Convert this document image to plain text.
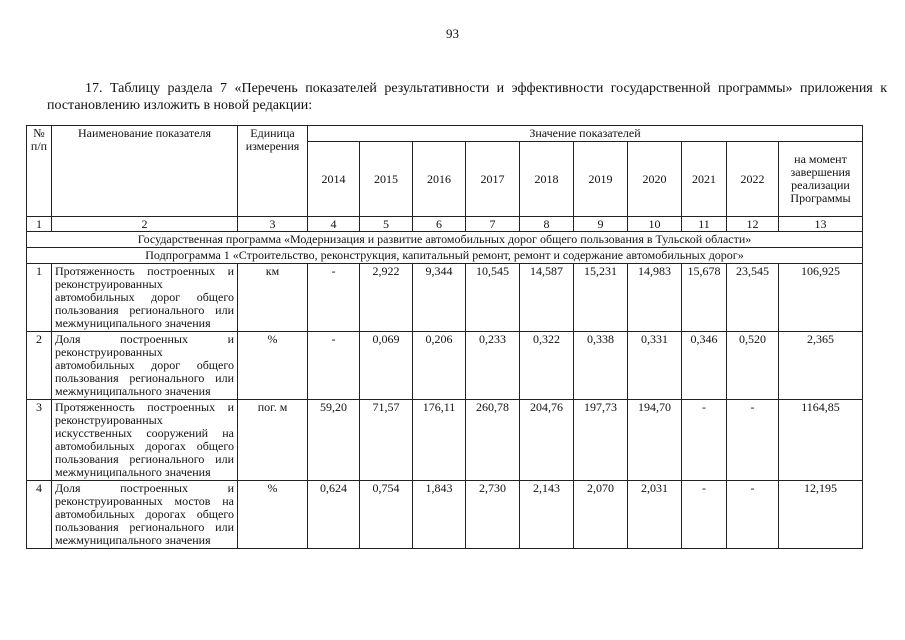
93
17. Таблицу раздела 7 «Перечень показателей результативности и эффективности государственной программы» приложения к постановлению изложить в новой редакции:
№ п/п	Наименование показателя	Единица измерения	Значение показателей									
			2014	2015	2016	2017	2018	2019	2020	2021	2022	на момент завершения реализации Программы
1	2	3	4	5	6	7	8	9	10	11	12	13
Государственная программа «Модернизация и развитие автомобильных дорог общего пользования в Тульской области»												
Подпрограмма 1 «Строительство, реконструкция, капитальный ремонт, ремонт и содержание автомобильных дорог»												
1	Протяженность построенных и реконструированных автомобильных дорог общего пользования регионального или межмуниципального значения	км	-	2,922	9,344	10,545	14,587	15,231	14,983	15,678	23,545	106,925
2	Доля построенных и реконструированных автомобильных дорог общего пользования регионального или межмуниципального значения	%	-	0,069	0,206	0,233	0,322	0,338	0,331	0,346	0,520	2,365
3	Протяженность построенных и реконструированных искусственных сооружений на автомобильных дорогах общего пользования регионального или межмуниципального значения	пог. м	59,20	71,57	176,11	260,78	204,76	197,73	194,70	-	-	1164,85
4	Доля построенных и реконструированных мостов на автомобильных дорогах общего пользования регионального или межмуниципального значения	%	0,624	0,754	1,843	2,730	2,143	2,070	2,031	-	-	12,195
